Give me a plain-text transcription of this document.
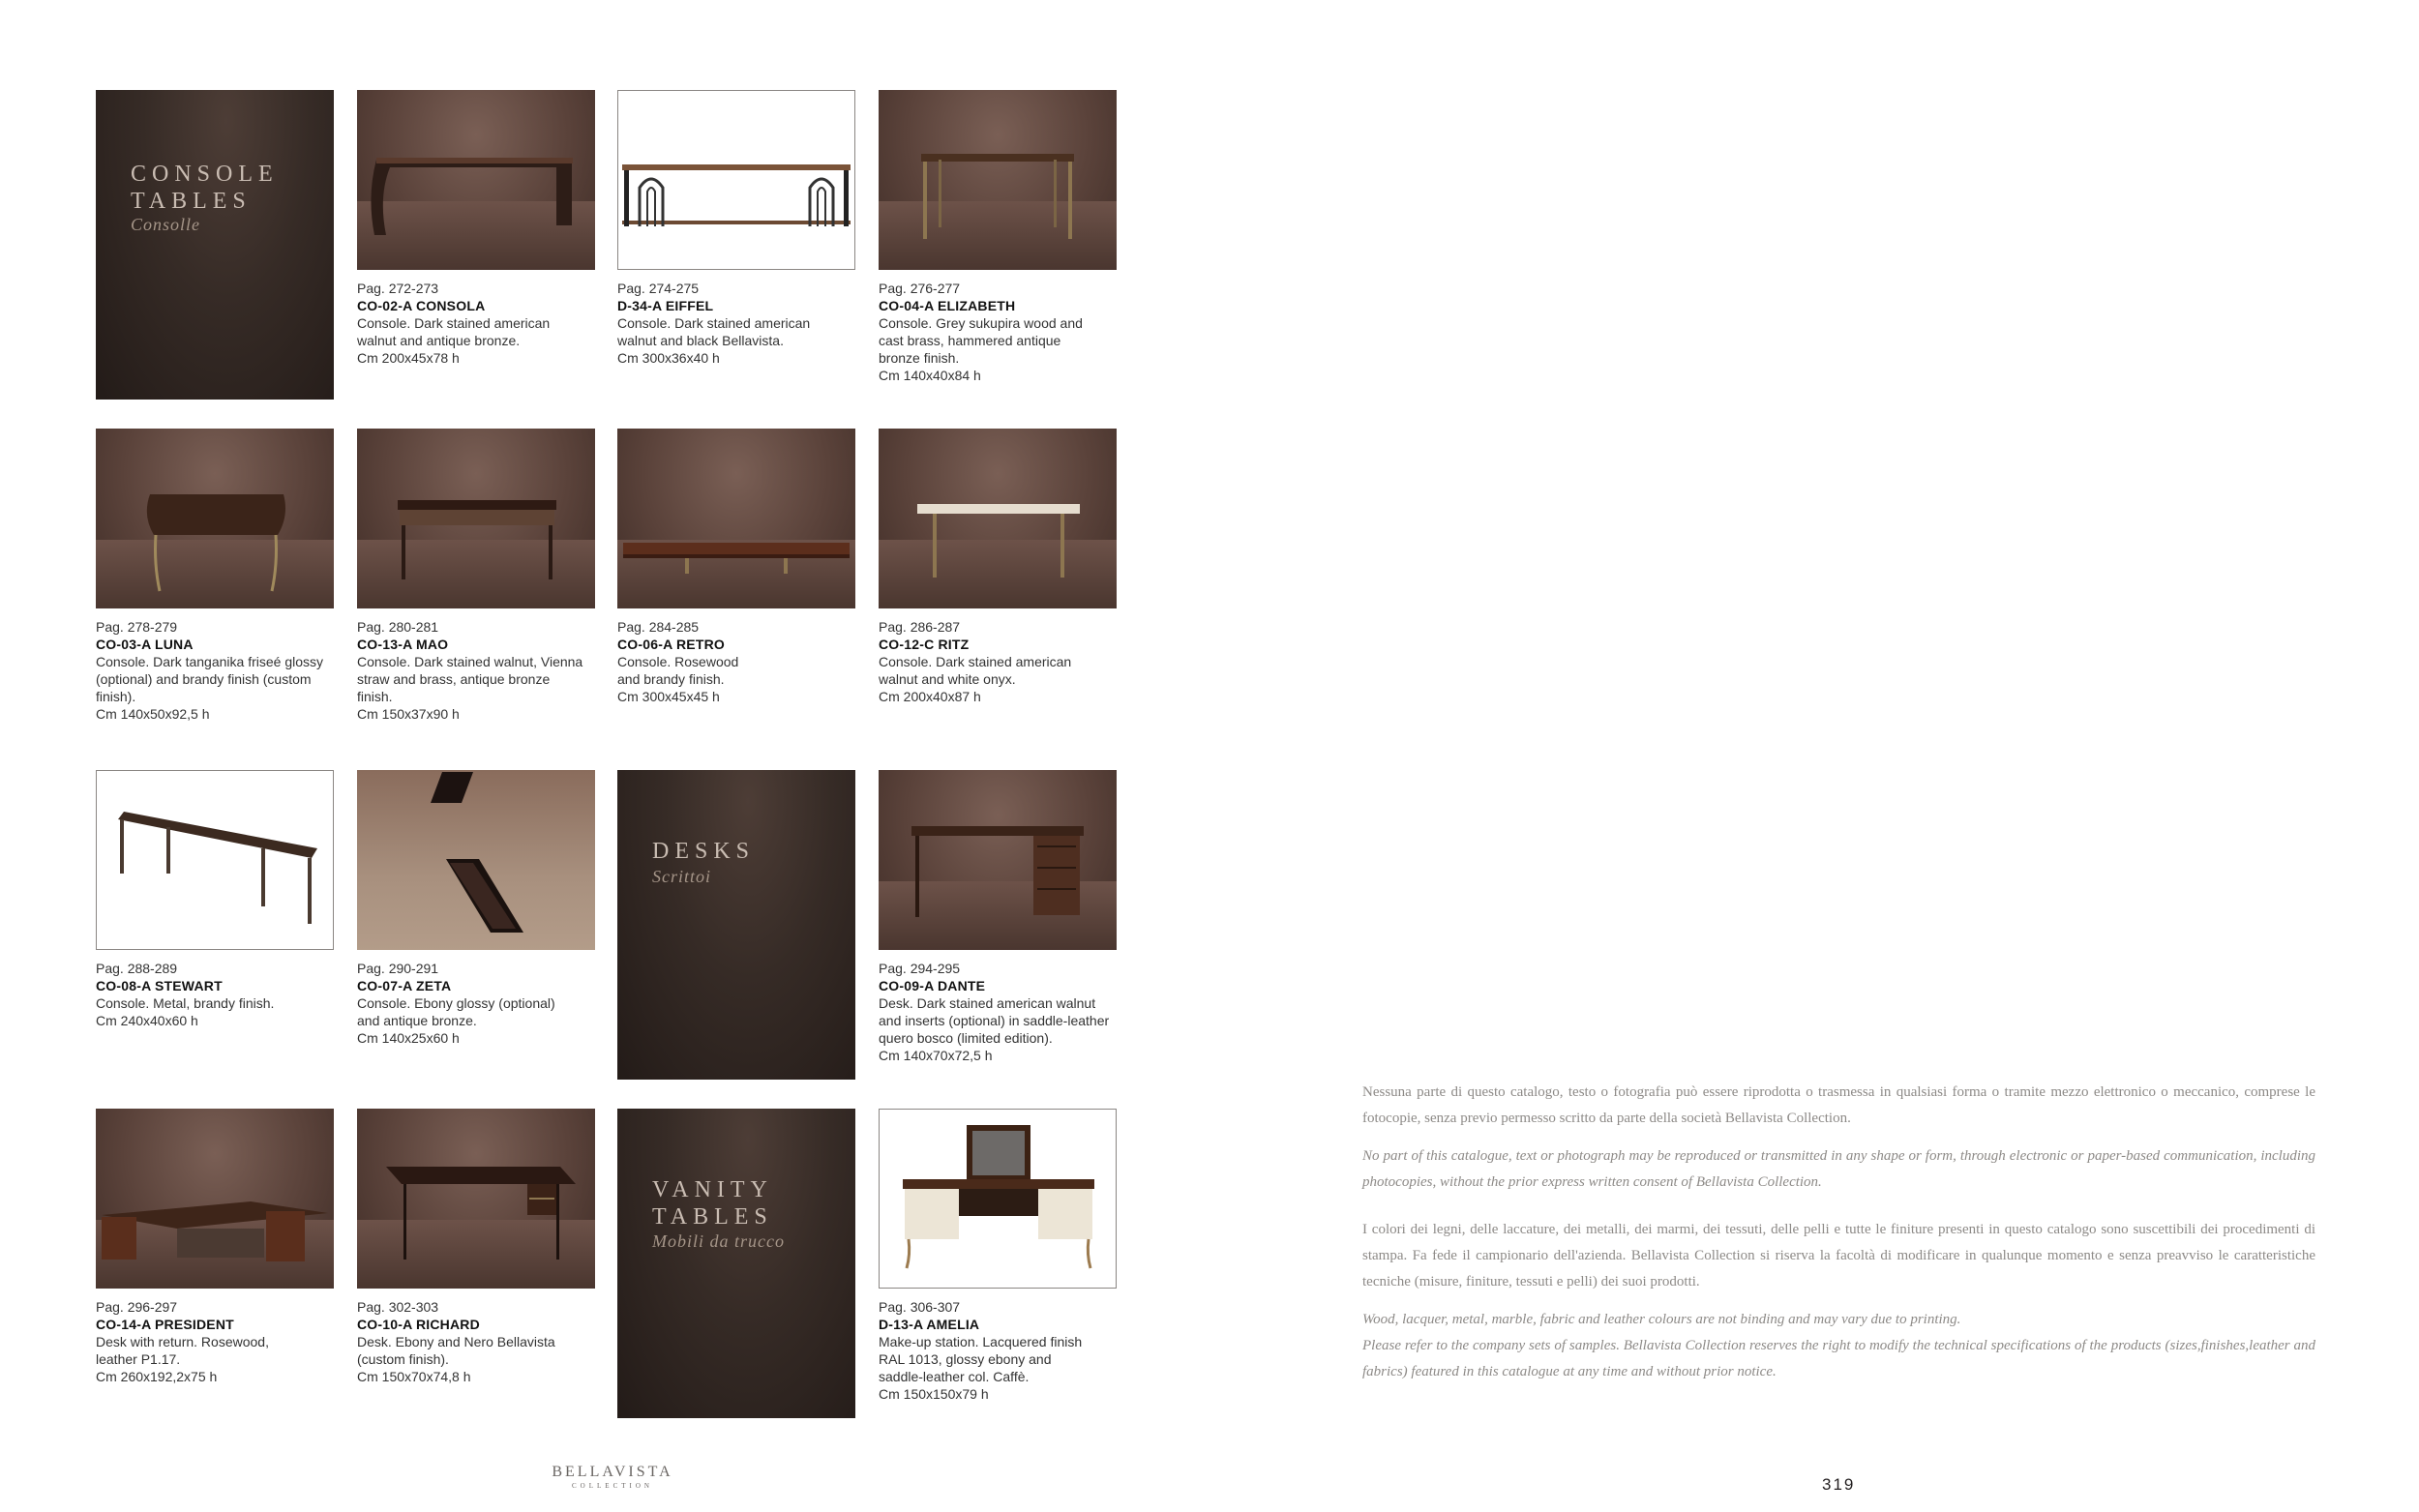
CONSOLE
TABLES
Consolle
DESKS
Scrittoi
VANITY
TABLES
Mobili da trucco
Pag. 272-273
CO-02-A CONSOLA
Console. Dark stained american
walnut and antique bronze.
Cm 200x45x78 h
Pag. 274-275
D-34-A EIFFEL
Console. Dark stained american
walnut and black Bellavista.
Cm 300x36x40 h
Pag. 276-277
CO-04-A ELIZABETH
Console. Grey sukupira wood and
cast brass, hammered antique
bronze finish.
Cm 140x40x84 h
Pag. 278-279
CO-03-A LUNA
Console. Dark tanganika friseé glossy
(optional) and brandy finish (custom
finish).
Cm 140x50x92,5 h
Pag. 280-281
CO-13-A MAO
Console. Dark stained walnut, Vienna
straw and brass, antique bronze
finish.
Cm 150x37x90 h
Pag. 284-285
CO-06-A RETRO
Console. Rosewood
and brandy finish.
Cm 300x45x45 h
Pag. 286-287
CO-12-C RITZ
Console. Dark stained american
walnut and white onyx.
Cm 200x40x87 h
Pag. 288-289
CO-08-A STEWART
Console. Metal, brandy finish.
Cm 240x40x60 h
Pag. 290-291
CO-07-A ZETA
Console. Ebony glossy (optional)
and antique bronze.
Cm 140x25x60 h
Pag. 294-295
CO-09-A DANTE
Desk. Dark stained american walnut
and inserts (optional) in saddle-leather
quero bosco (limited edition).
Cm 140x70x72,5 h
Pag. 296-297
CO-14-A PRESIDENT
Desk with return. Rosewood,
leather P1.17.
Cm 260x192,2x75 h
Pag. 302-303
CO-10-A RICHARD
Desk. Ebony and Nero Bellavista
(custom finish).
Cm 150x70x74,8 h
Pag. 306-307
D-13-A AMELIA
Make-up station. Lacquered finish
RAL 1013, glossy ebony and
saddle-leather col. Caffè.
Cm 150x150x79 h

Nessuna parte di questo catalogo, testo o fotografia può essere riprodotta o trasmessa in qualsiasi forma o tramite mezzo elettronico o meccanico, comprese le fotocopie, senza previo permesso scritto da parte della società Bellavista Collection.

No part of this catalogue, text or photograph may be reproduced or transmitted in any shape or form, through electronic or paper-based communication, including photocopies, without the prior express written consent of Bellavista Collection.

I colori dei legni, delle laccature, dei metalli, dei marmi, dei tessuti, delle pelli e tutte le finiture presenti in questo catalogo sono suscettibili dei procedimenti di stampa. Fa fede il campionario dell'azienda. Bellavista Collection si riserva la facoltà di modificare in qualunque momento e senza preavviso le caratteristiche tecniche (misure, finiture, tessuti e pelli) dei suoi prodotti.

Wood, lacquer, metal, marble, fabric and leather colours are not binding and may vary due to printing.
Please refer to the company sets of samples. Bellavista Collection reserves the right to modify the technical specifications of the products (sizes,finishes,leather and fabrics) featured in this catalogue at any time and without prior notice.

BELLAVISTA
COLLECTION	319
